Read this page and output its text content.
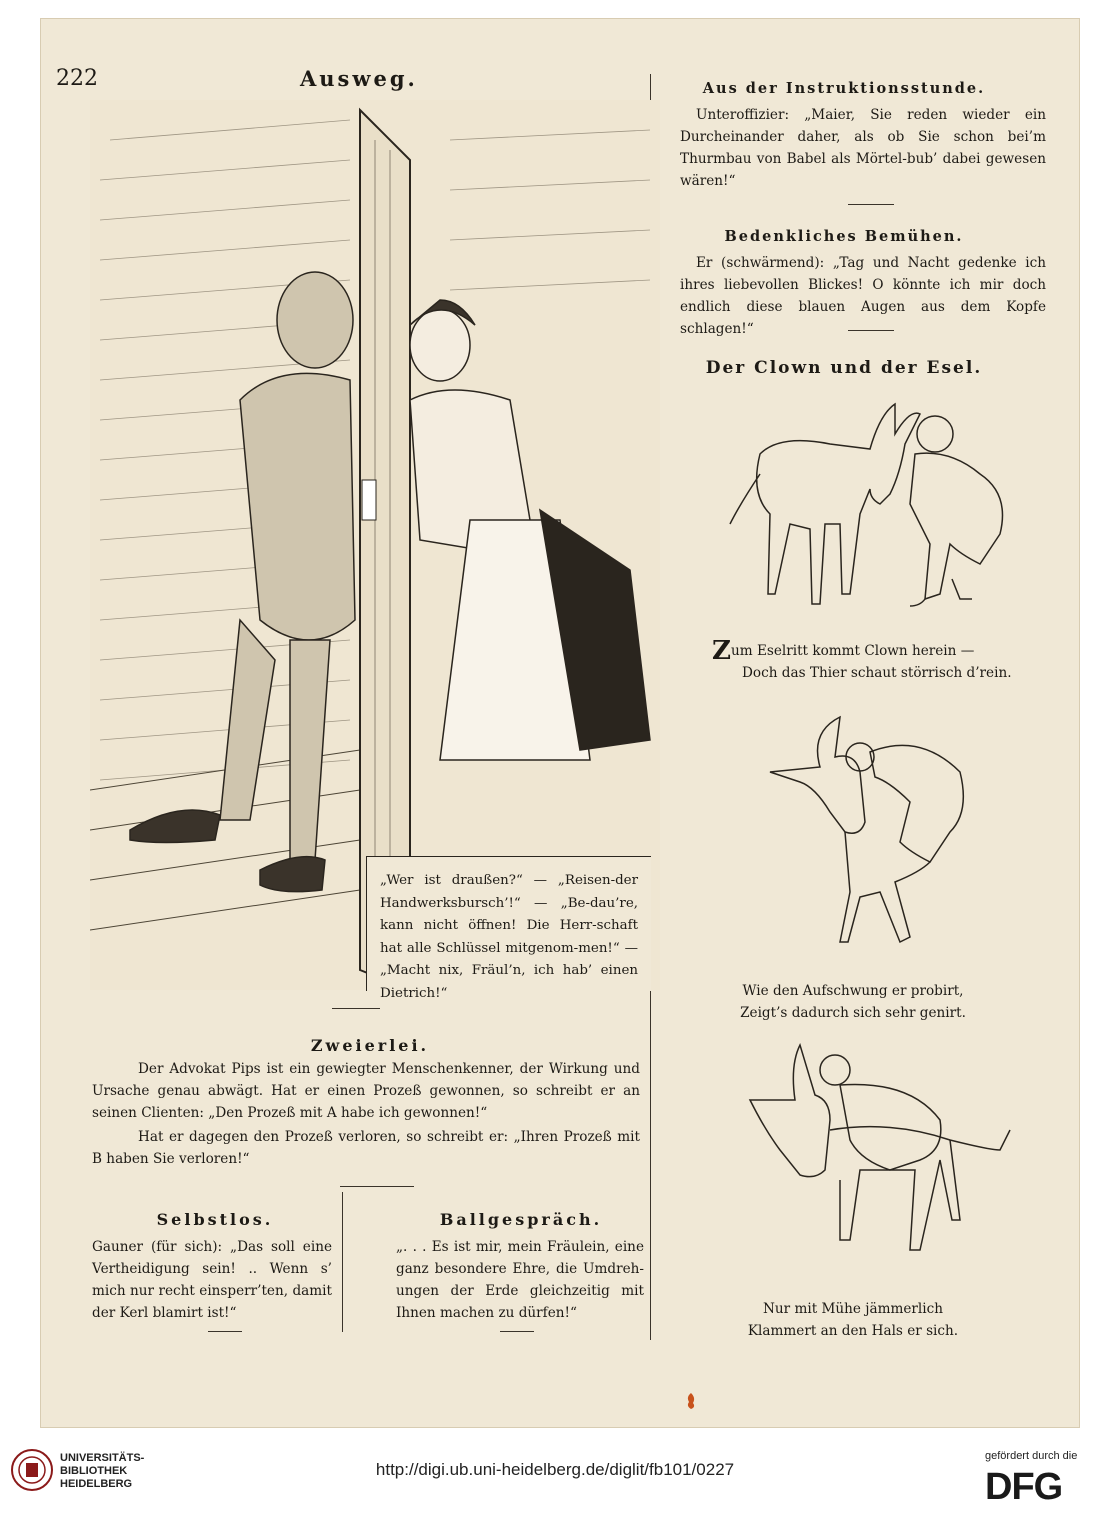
222	Ausweg.
„Wer ist draußen?“ — „Reisen-der Handwerksbursch’!“ — „Be-dau’re, kann nicht öffnen! Die Herr-schaft hat alle Schlüssel mitgenom-men!“ — „Macht nix, Fräul’n, ich hab’ einen Dietrich!“
Zweierlei.
Der Advokat Pips ist ein gewiegter Menschenkenner, der Wirkung und Ursache genau abwägt. Hat er einen Prozeß gewonnen, so schreibt er an seinen Clienten: „Den Prozeß mit A habe ich gewonnen!“
Hat er dagegen den Prozeß verloren, so schreibt er: „Ihren Prozeß mit B haben Sie verloren!“
Selbstlos.
Gauner (für sich): „Das soll eine Vertheidigung sein! .. Wenn s’ mich nur recht einsperr’ten, damit der Kerl blamirt ist!“
Ballgespräch.
„. . . Es ist mir, mein Fräulein, eine ganz besondere Ehre, die Umdreh-ungen der Erde gleichzeitig mit Ihnen machen zu dürfen!“
Aus der Instruktionsstunde.
Unteroffizier: „Maier, Sie reden wieder ein Durcheinander daher, als ob Sie schon bei’m Thurmbau von Babel als Mörtel-bub’ dabei gewesen wären!“
Bedenkliches Bemühen.
Er (schwärmend): „Tag und Nacht gedenke ich ihres liebevollen Blickes! O könnte ich mir doch endlich diese blauen Augen aus dem Kopfe schlagen!“
Der Clown und der Esel.
Zum Eselritt kommt Clown herein —
Doch das Thier schaut störrisch d’rein.
Wie den Aufschwung er probirt,
Zeigt’s dadurch sich sehr genirt.
Nur mit Mühe jämmerlich
Klammert an den Hals er sich.
UNIVERSITÄTS-
BIBLIOTHEK
HEIDELBERG
http://digi.ub.uni-heidelberg.de/diglit/fb101/0227
gefördert durch die
DFG
